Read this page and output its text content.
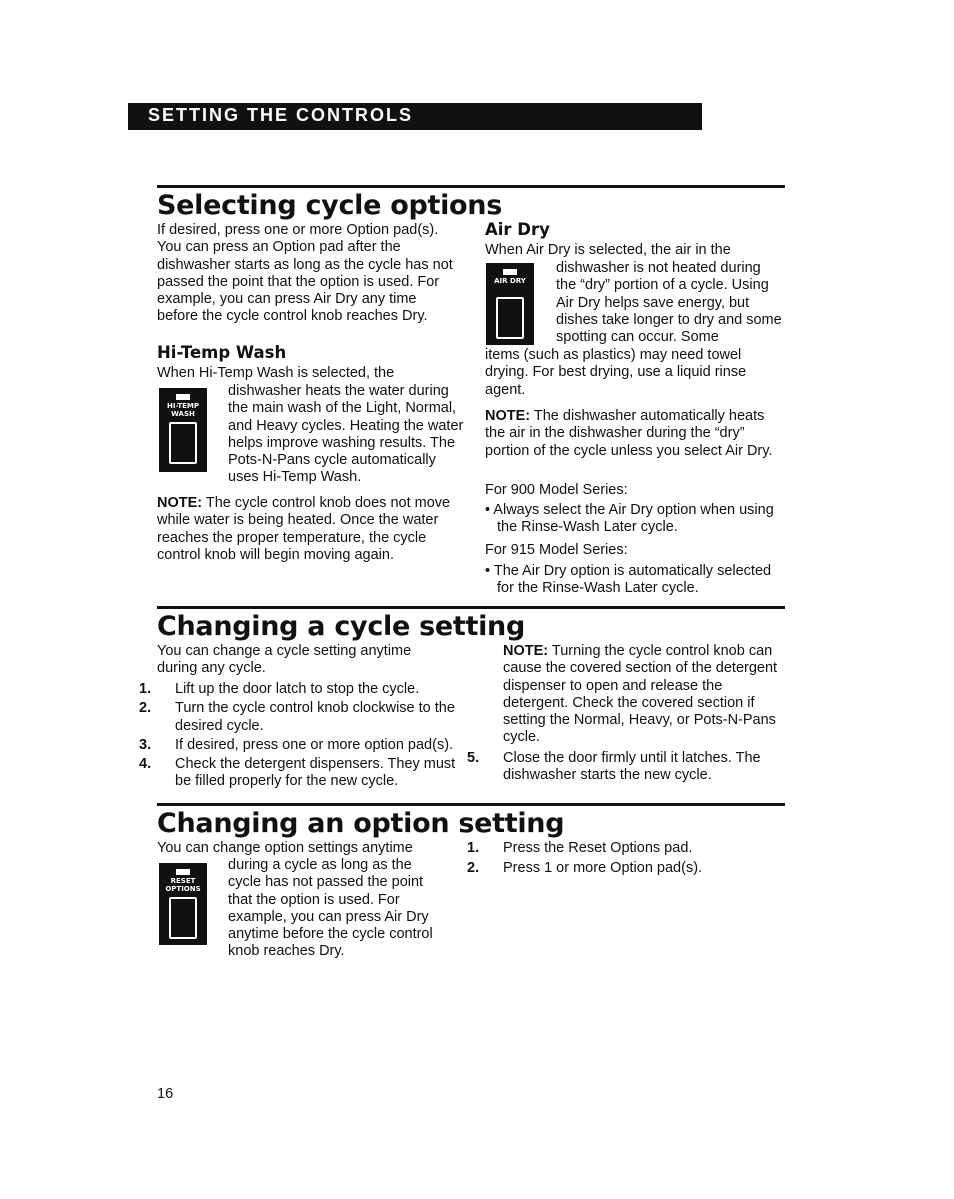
SETTING THE CONTROLS
Selecting cycle options
If desired, press one or more Option pad(s). You can press an Option pad after the dishwasher starts as long as the cycle has not passed the point that the option is used. For example, you can press Air Dry any time before the cycle control knob reaches Dry.
Hi-Temp Wash
When Hi-Temp Wash is selected, the
HI-TEMP WASH
dishwasher heats the water during the main wash of the Light, Normal, and Heavy cycles. Heating the water helps improve washing results. The Pots-N-Pans cycle automatically uses Hi-Temp Wash.
NOTE: The cycle control knob does not move while water is being heated. Once the water reaches the proper temperature, the cycle control knob will begin moving again.
Air Dry
When Air Dry is selected, the air in the
AIR DRY
dishwasher is not heated during the “dry” portion of a cycle. Using Air Dry helps save energy, but dishes take longer to dry and some spotting can occur. Some
items (such as plastics) may need towel drying. For best drying, use a liquid rinse agent.
NOTE: The dishwasher automatically heats the air in the dishwasher during the “dry” portion of the cycle unless you select Air Dry.
For 900 Model Series:
• Always select the Air Dry option when using the Rinse-Wash Later cycle.
For 915 Model Series:
• The Air Dry option is automatically selected for the Rinse-Wash Later cycle.
Changing a cycle setting
You can change a cycle setting anytime during any cycle.
1. Lift up the door latch to stop the cycle.
2. Turn the cycle control knob clockwise to the desired cycle.
3. If desired, press one or more option pad(s).
4. Check the detergent dispensers. They must be filled properly for the new cycle.
NOTE: Turning the cycle control knob can cause the covered section of the detergent dispenser to open and release the detergent. Check the covered section if setting the Normal, Heavy, or Pots-N-Pans cycle.
5. Close the door firmly until it latches. The dishwasher starts the new cycle.
Changing an option setting
You can change option settings anytime
RESET OPTIONS
during a cycle as long as the cycle has not passed the point that the option is used. For example, you can press Air Dry anytime before the cycle control knob reaches Dry.
1. Press the Reset Options pad.
2. Press 1 or more Option pad(s).
16
